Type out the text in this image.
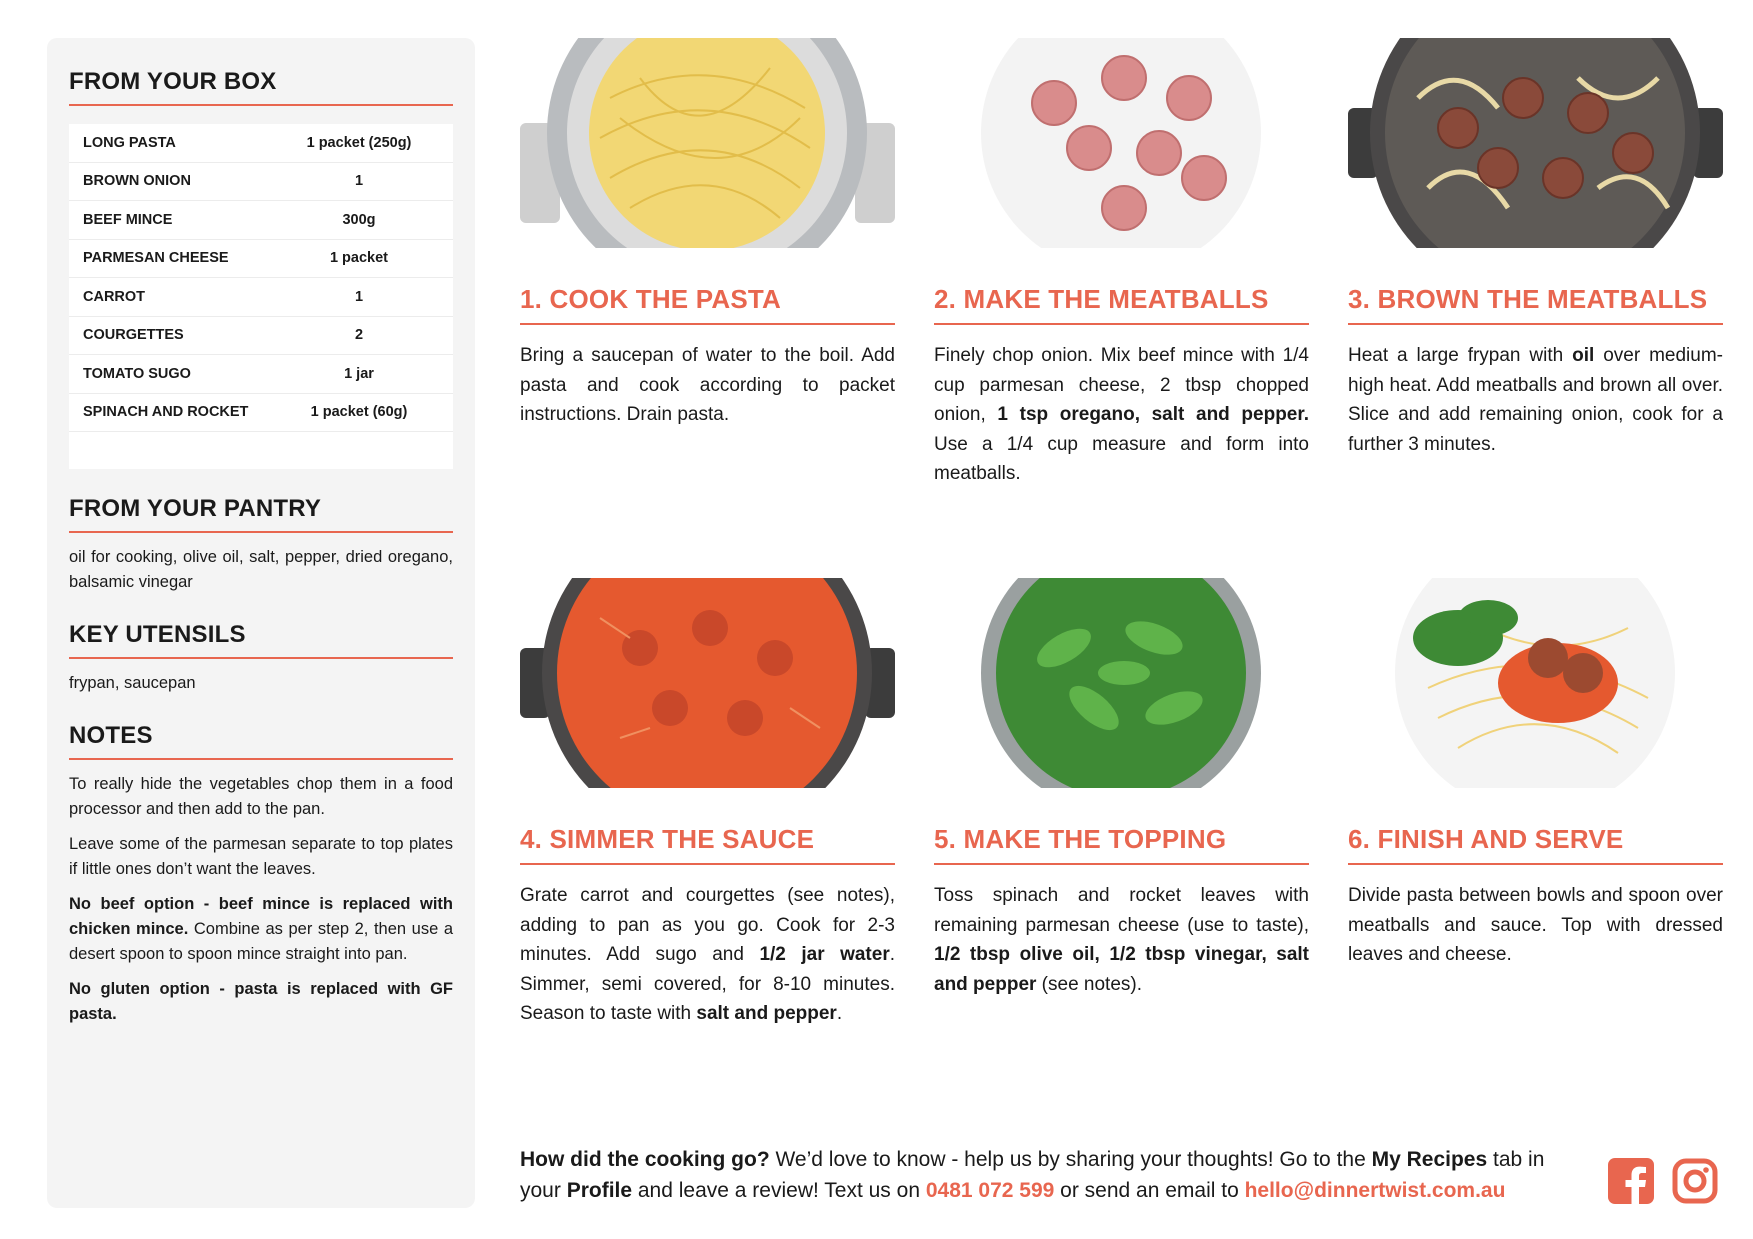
FROM YOUR BOX
LONG PASTA	1 packet (250g)
BROWN ONION	1
BEEF MINCE	300g
PARMESAN CHEESE	1 packet
CARROT	1
COURGETTES	2
TOMATO SUGO	1 jar
SPINACH AND ROCKET	1 packet (60g)
FROM YOUR PANTRY
oil for cooking, olive oil, salt, pepper, dried oregano, balsamic vinegar
KEY UTENSILS
frypan, saucepan
NOTES
To really hide the vegetables chop them in a food processor and then add to the pan.
Leave some of the parmesan separate to top plates if little ones don’t want the leaves.
No beef option - beef mince is replaced with chicken mince. Combine as per step 2, then use a desert spoon to spoon mince straight into pan.
No gluten option - pasta is replaced with GF pasta.
1. COOK THE PASTA
Bring a saucepan of water to the boil. Add pasta and cook according to packet instructions. Drain pasta.
2. MAKE THE MEATBALLS
Finely chop onion. Mix beef mince with 1/4 cup parmesan cheese, 2 tbsp chopped onion, 1 tsp oregano, salt and pepper. Use a 1/4 cup measure and form into meatballs.
3. BROWN THE MEATBALLS
Heat a large frypan with oil over medium-high heat. Add meatballs and brown all over. Slice and add remaining onion, cook for a further 3 minutes.
4. SIMMER THE SAUCE
Grate carrot and courgettes (see notes), adding to pan as you go. Cook for 2-3 minutes. Add sugo and 1/2 jar water. Simmer, semi covered, for 8-10 minutes. Season to taste with salt and pepper.
5. MAKE THE TOPPING
Toss spinach and rocket leaves with remaining parmesan cheese (use to taste), 1/2 tbsp olive oil, 1/2 tbsp vinegar, salt and pepper (see notes).
6. FINISH AND SERVE
Divide pasta between bowls and spoon over meatballs and sauce. Top with dressed leaves and cheese.
How did the cooking go? We’d love to know - help us by sharing your thoughts! Go to the My Recipes tab in your Profile and leave a review! Text us on 0481 072 599 or send an email to hello@dinnertwist.com.au
